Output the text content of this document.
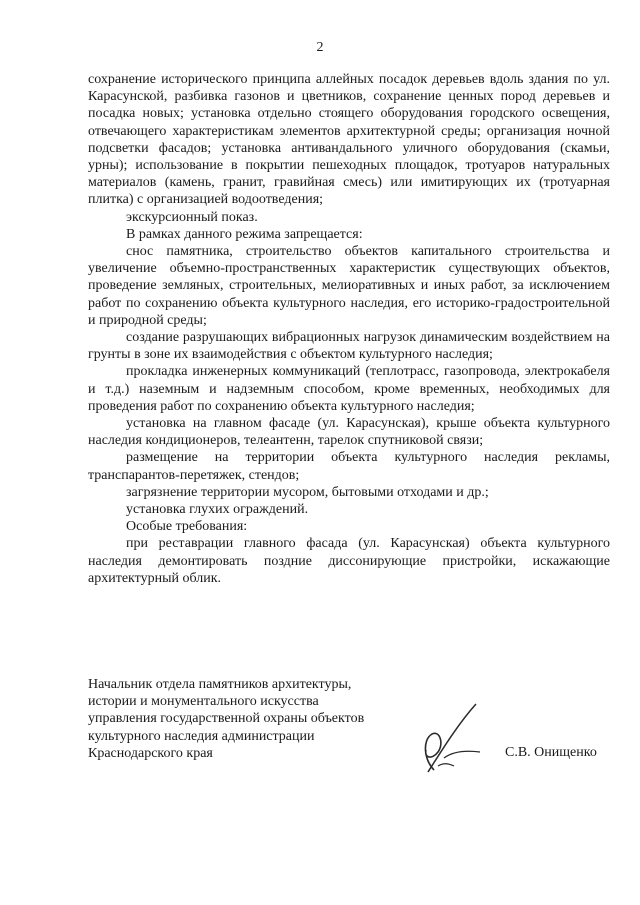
2

сохранение исторического принципа аллейных посадок деревьев вдоль здания по ул. Карасунской, разбивка газонов и цветников, сохранение ценных пород деревьев и посадка новых; установка отдельно стоящего оборудования городского освещения, отвечающего характеристикам элементов архитектурной среды; организация ночной подсветки фасадов; установка антивандального уличного оборудования (скамьи, урны); использование в покрытии пешеходных площадок, тротуаров натуральных материалов (камень, гранит, гравийная смесь) или имитирующих их (тротуарная плитка) с организацией водоотведения;

экскурсионный показ.

В рамках данного режима запрещается:

снос памятника, строительство объектов капитального строительства и увеличение объемно-пространственных характеристик существующих объектов, проведение земляных, строительных, мелиоративных и иных работ, за исключением работ по сохранению объекта культурного наследия, его историко-градостроительной и природной среды;

создание разрушающих вибрационных нагрузок динамическим воздействием на грунты в зоне их взаимодействия с объектом культурного наследия;

прокладка инженерных коммуникаций (теплотрасс, газопровода, электрокабеля и т.д.) наземным и надземным способом, кроме временных, необходимых для проведения работ по сохранению объекта культурного наследия;

установка на главном фасаде (ул. Карасунская), крыше объекта культурного наследия кондиционеров, телеантенн, тарелок спутниковой связи;

размещение на территории объекта культурного наследия рекламы, транспарантов-перетяжек, стендов;

загрязнение территории мусором, бытовыми отходами и др.;

установка глухих ограждений.

Особые требования:

при реставрации главного фасада (ул. Карасунская) объекта культурного наследия демонтировать поздние диссонирующие пристройки, искажающие архитектурный облик.

Начальник отдела памятников архитектуры,
истории и монументального искусства
управления государственной охраны объектов
культурного наследия администрации
Краснодарского края	С.В. Онищенко
